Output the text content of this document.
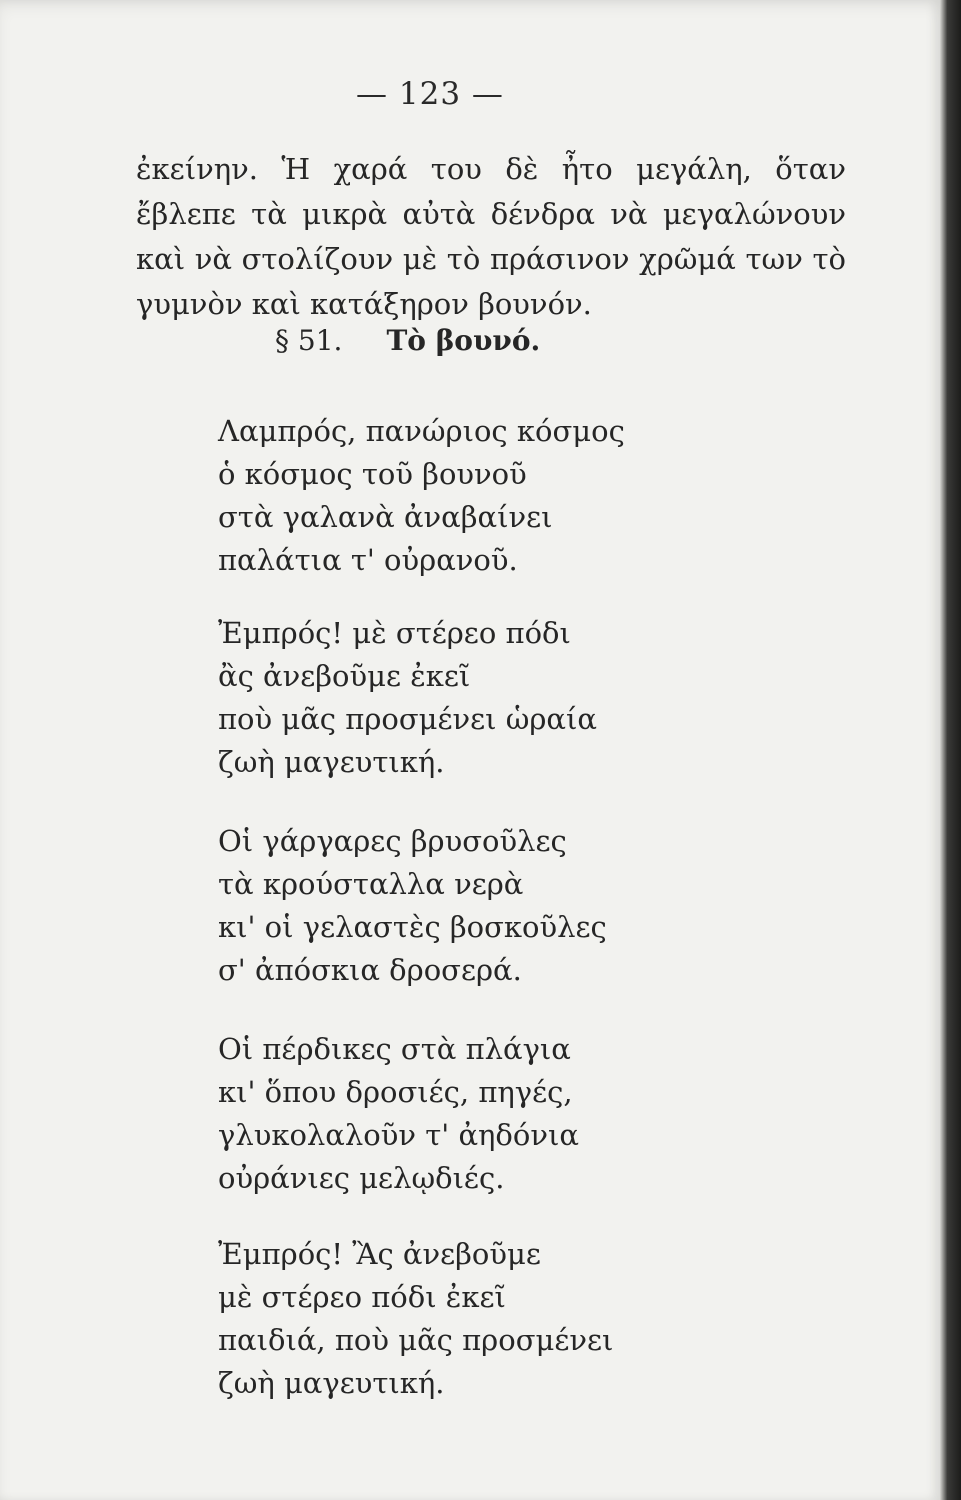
— 123 —

ἐκείνην. Ἡ χαρά του δὲ ἦτο μεγάλη, ὅταν ἔβλεπε τὰ μικρὰ αὐτὰ δένδρα νὰ μεγαλώνουν καὶ νὰ στολίζουν μὲ τὸ πράσινον χρῶμά των τὸ γυμνὸν καὶ κατάξηρον βουνόν.

§ 51. Τὸ βουνό.
Λαμπρός, πανώριος κόσμος
ὁ κόσμος τοῦ βουνοῦ
στὰ γαλανὰ ἀναβαίνει
παλάτια τ' οὐρανοῦ.
Ἐμπρός! μὲ στέρεο πόδι
ἂς ἀνεβοῦμε ἐκεῖ
ποὺ μᾶς προσμένει ὡραία
ζωὴ μαγευτική.
Οἱ γάργαρες βρυσοῦλες
τὰ κρούσταλλα νερὰ
κι' οἱ γελαστὲς βοσκοῦλες
σ' ἀπόσκια δροσερά.
Οἱ πέρδικες στὰ πλάγια
κι' ὅπου δροσιές, πηγές,
γλυκολαλοῦν τ' ἀηδόνια
οὐράνιες μελῳδιές.
Ἐμπρός! Ἂς ἀνεβοῦμε
μὲ στέρεο πόδι ἐκεῖ
παιδιά, ποὺ μᾶς προσμένει
ζωὴ μαγευτική.
